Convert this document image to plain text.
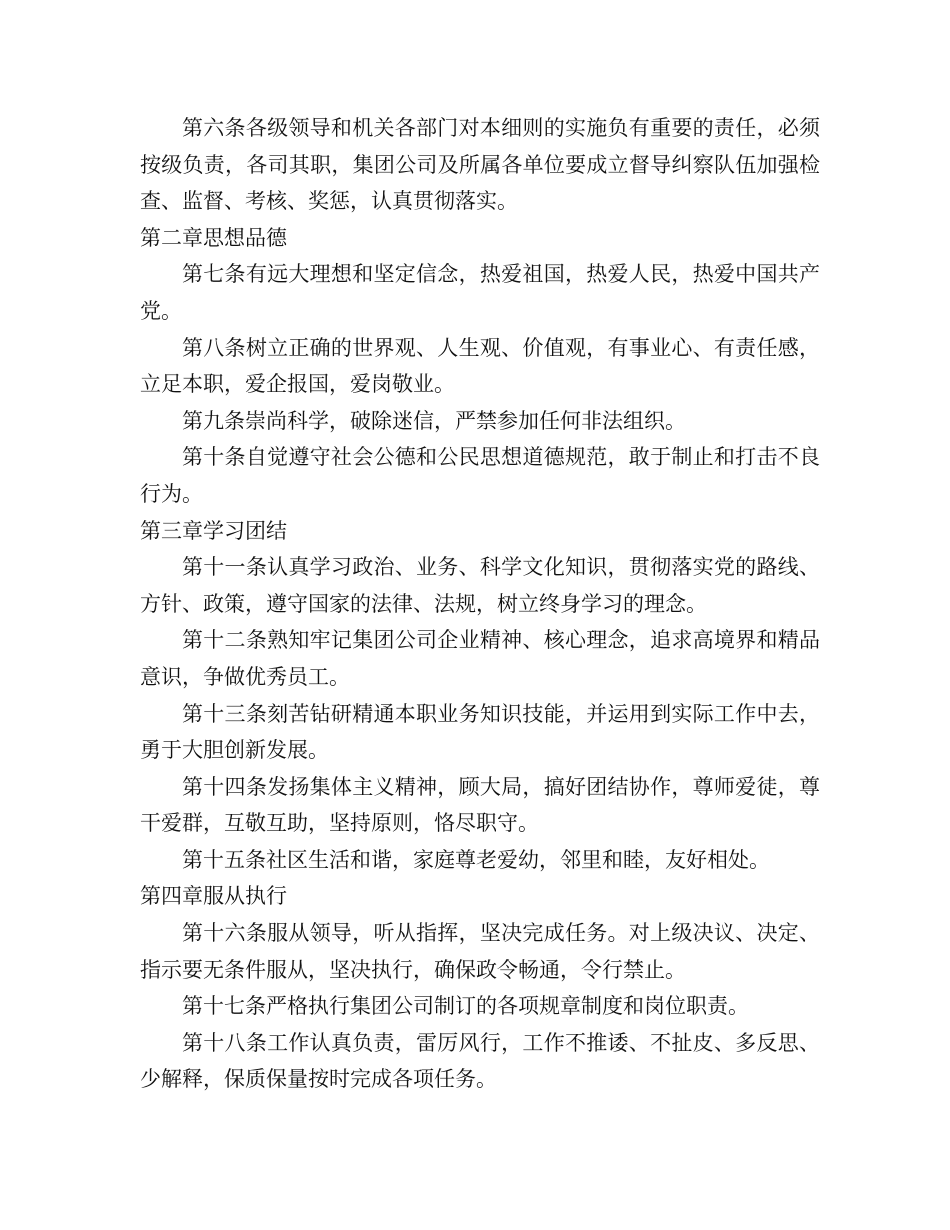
第六条各级领导和机关各部门对本细则的实施负有重要的责任，必须按级负责，各司其职，集团公司及所属各单位要成立督导纠察队伍加强检查、监督、考核、奖惩，认真贯彻落实。

第二章思想品德

第七条有远大理想和坚定信念，热爱祖国，热爱人民，热爱中国共产党。

第八条树立正确的世界观、人生观、价值观，有事业心、有责任感，立足本职，爱企报国，爱岗敬业。

第九条崇尚科学，破除迷信，严禁参加任何非法组织。

第十条自觉遵守社会公德和公民思想道德规范，敢于制止和打击不良行为。

第三章学习团结

第十一条认真学习政治、业务、科学文化知识，贯彻落实党的路线、方针、政策，遵守国家的法律、法规，树立终身学习的理念。

第十二条熟知牢记集团公司企业精神、核心理念，追求高境界和精品意识，争做优秀员工。

第十三条刻苦钻研精通本职业务知识技能，并运用到实际工作中去，勇于大胆创新发展。

第十四条发扬集体主义精神，顾大局，搞好团结协作，尊师爱徒，尊干爱群，互敬互助，坚持原则，恪尽职守。

第十五条社区生活和谐，家庭尊老爱幼，邻里和睦，友好相处。

第四章服从执行

第十六条服从领导，听从指挥，坚决完成任务。对上级决议、决定、指示要无条件服从，坚决执行，确保政令畅通，令行禁止。

第十七条严格执行集团公司制订的各项规章制度和岗位职责。

第十八条工作认真负责，雷厉风行，工作不推诿、不扯皮、多反思、少解释，保质保量按时完成各项任务。
